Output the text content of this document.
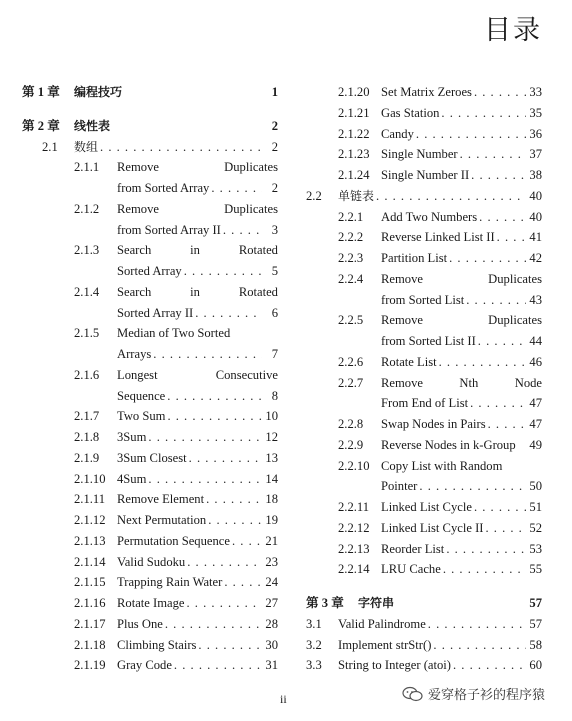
目录
第 1 章	编程技巧	1
第 2 章	线性表	2
2.1	数组 . . .	2
2.1.1	Remove	Duplicates
from Sorted Array . . .	2
2.1.2	Remove	Duplicates
from Sorted Array II . . .	3
2.1.3	Search	in	Rotated
Sorted Array . . .	5
2.1.4	Search	in	Rotated
Sorted Array II . . .	6
2.1.5	Median of Two Sorted
Arrays . . .	7
2.1.6	Longest	Consecutive
Sequence . . .	8
2.1.7	Two Sum . . .	10
2.1.8	3Sum . . .	12
2.1.9	3Sum Closest . . .	13
2.1.10 4Sum . . .	14
2.1.11 Remove Element . . .	18
2.1.12 Next Permutation . . .	19
2.1.13 Permutation Sequence . . .	21
2.1.14 Valid Sudoku . . .	23
2.1.15 Trapping Rain Water . . .	24
2.1.16 Rotate Image . . .	27
2.1.17 Plus One . . .	28
2.1.18 Climbing Stairs . . .	30
2.1.19 Gray Code . . .	31
2.1.20 Set Matrix Zeroes . . .	33
2.1.21 Gas Station . . .	35
2.1.22 Candy . . .	36
2.1.23 Single Number . . .	37
2.1.24 Single Number II . . .	38
2.2	单链表 . . .	40
2.2.1	Add Two Numbers . . .	40
2.2.2	Reverse Linked List II . . .	41
2.2.3	Partition List . . .	42
2.2.4	Remove	Duplicates
from Sorted List . . .	43
2.2.5	Remove	Duplicates
from Sorted List II . . .	44
2.2.6	Rotate List . . .	46
2.2.7	Remove	Nth	Node
From End of List . . .	47
2.2.8	Swap Nodes in Pairs . . .	47
2.2.9	Reverse Nodes in k-Group 49
2.2.10 Copy List with Random
Pointer . . .	50
2.2.11 Linked List Cycle . . .	51
2.2.12 Linked List Cycle II . . .	52
2.2.13 Reorder List . . .	53
2.2.14 LRU Cache . . .	55
第 3 章	字符串	57
3.1	Valid Palindrome . . .	57
3.2	Implement strStr() . . .	58
3.3	String to Integer (atoi) . . .	60
ii	爱穿格子衫的程序猿
